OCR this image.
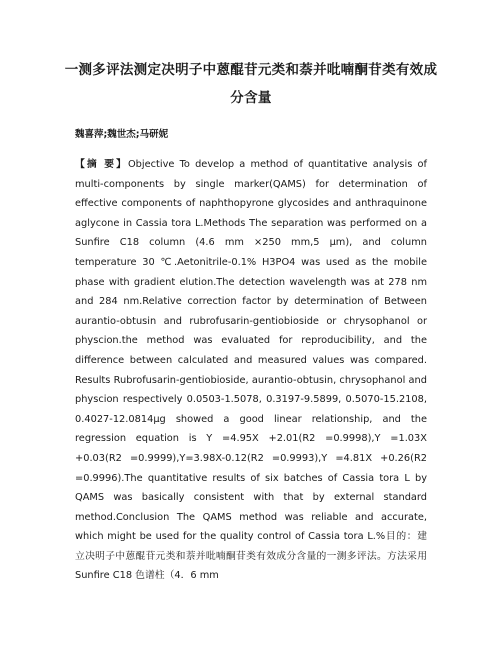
一测多评法测定决明子中蒽醌苷元类和萘并吡喃酮苷类有效成
分含量
魏喜萍;魏世杰;马研妮
【摘 要】Objective To develop a method of quantitative analysis of multi-components by single marker(QAMS) for determination of effective components of naphthopyrone glycosides and anthraquinone aglycone in Cassia tora L.Methods The separation was performed on a Sunfire C18 column (4.6 mm ×250 mm,5 μm), and column temperature 30 ℃.Aetonitrile-0.1% H3PO4 was used as the mobile phase with gradient elution.The detection wavelength was at 278 nm and 284 nm.Relative correction factor by determination of Between aurantio-obtusin and rubrofusarin-gentiobioside or chrysophanol or physcion.the method was evaluated for reproducibility, and the difference between calculated and measured values was compared. Results Rubrofusarin-gentiobioside, aurantio-obtusin, chrysophanol and physcion respectively 0.0503-1.5078, 0.3197-9.5899, 0.5070-15.2108, 0.4027-12.0814μg showed a good linear relationship, and the regression equation is Y =4.95X +2.01(R2 =0.9998),Y =1.03X +0.03(R2 =0.9999),Y=3.98X-0.12(R2 =0.9993),Y =4.81X +0.26(R2 =0.9996).The quantitative results of six batches of Cassia tora L by QAMS was basically consistent with that by external standard method.Conclusion The QAMS method was reliable and accurate, which might be used for the quality control of Cassia tora L.%目的：建立决明子中蒽醌苷元类和萘并吡喃酮苷类有效成分含量的一测多评法。方法采用 Sunfire C18 色谱柱（4．6 mm
